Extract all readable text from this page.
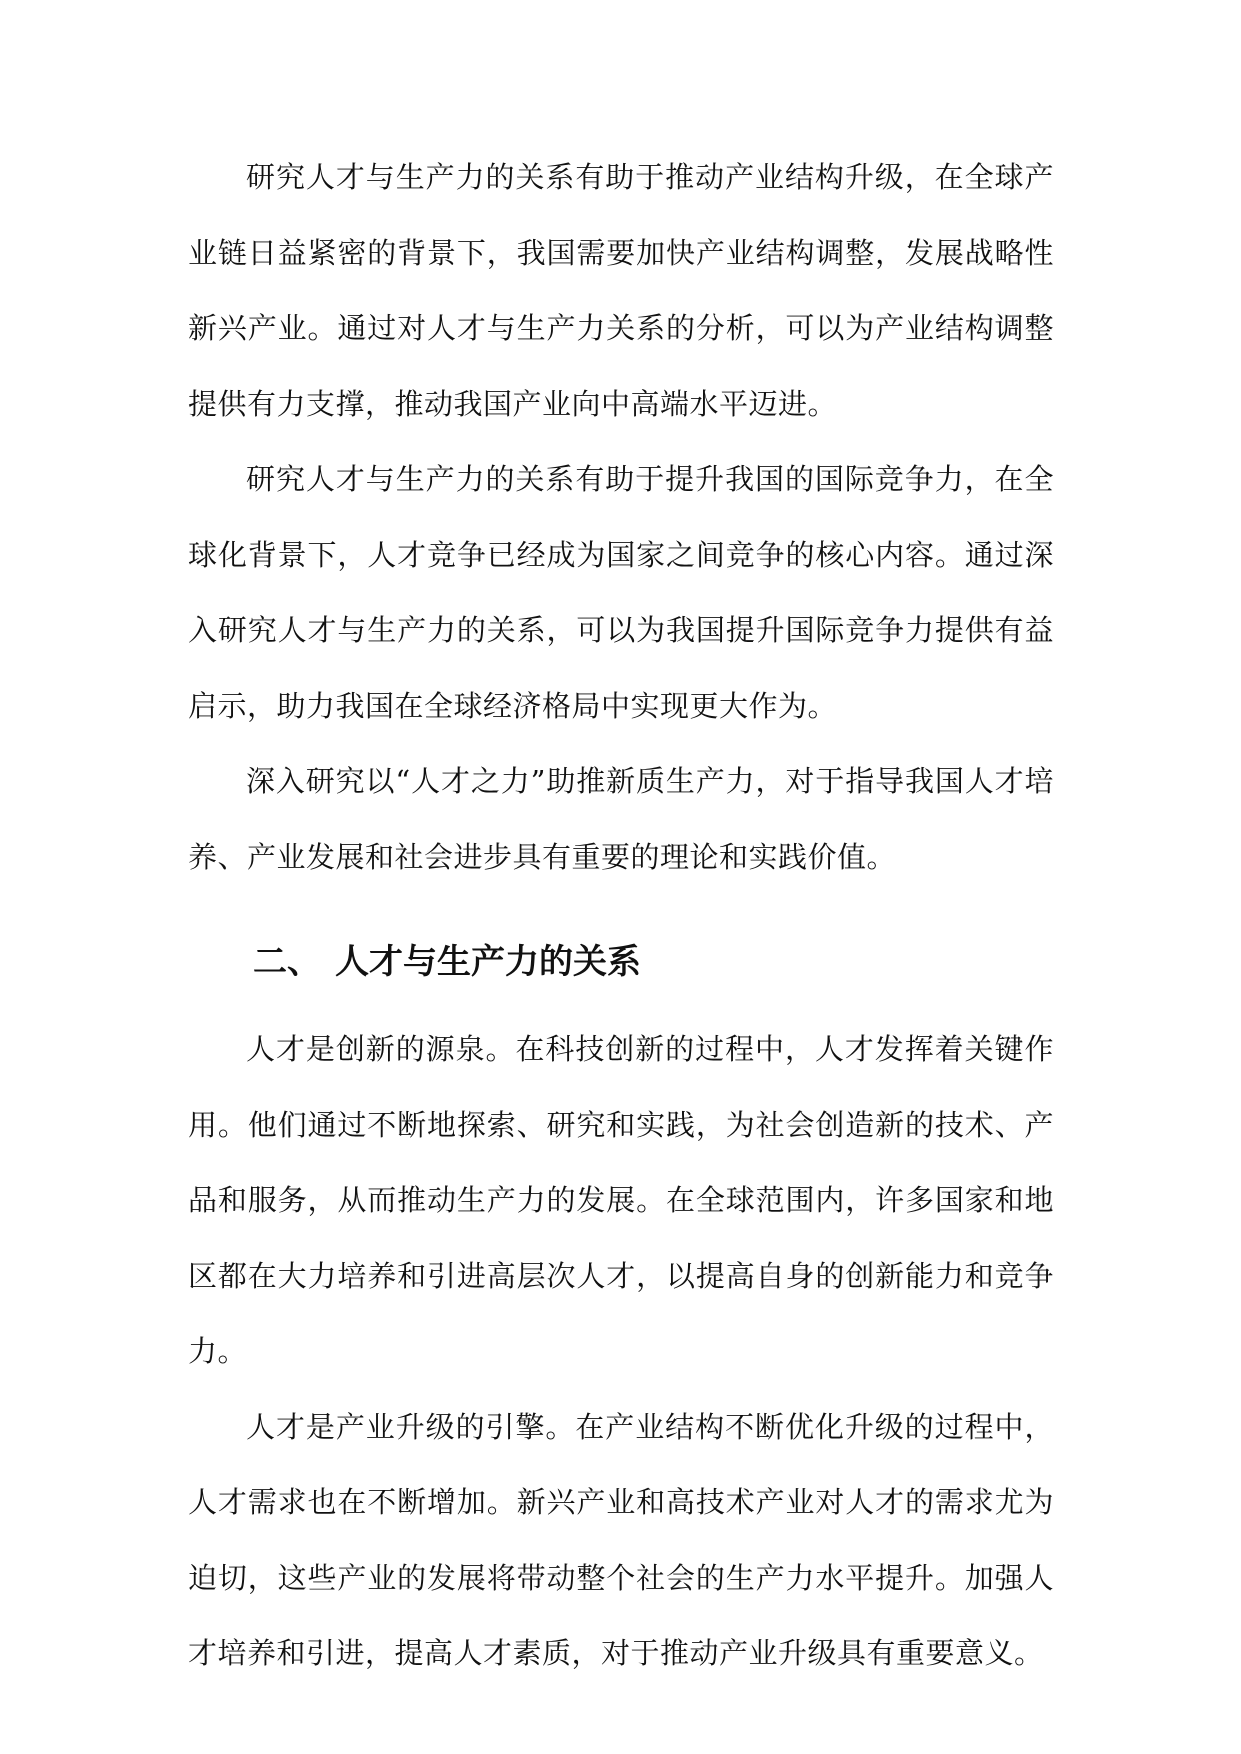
研究人才与生产力的关系有助于推动产业结构升级，在全球产业链日益紧密的背景下，我国需要加快产业结构调整，发展战略性新兴产业。通过对人才与生产力关系的分析，可以为产业结构调整提供有力支撑，推动我国产业向中高端水平迈进。

研究人才与生产力的关系有助于提升我国的国际竞争力，在全球化背景下，人才竞争已经成为国家之间竞争的核心内容。通过深入研究人才与生产力的关系，可以为我国提升国际竞争力提供有益启示，助力我国在全球经济格局中实现更大作为。

深入研究以“人才之力”助推新质生产力，对于指导我国人才培养、产业发展和社会进步具有重要的理论和实践价值。

二、 人才与生产力的关系

人才是创新的源泉。在科技创新的过程中，人才发挥着关键作用。他们通过不断地探索、研究和实践，为社会创造新的技术、产品和服务，从而推动生产力的发展。在全球范围内，许多国家和地区都在大力培养和引进高层次人才，以提高自身的创新能力和竞争力。

人才是产业升级的引擎。在产业结构不断优化升级的过程中，人才需求也在不断增加。新兴产业和高技术产业对人才的需求尤为迫切，这些产业的发展将带动整个社会的生产力水平提升。加强人才培养和引进，提高人才素质，对于推动产业升级具有重要意义。
